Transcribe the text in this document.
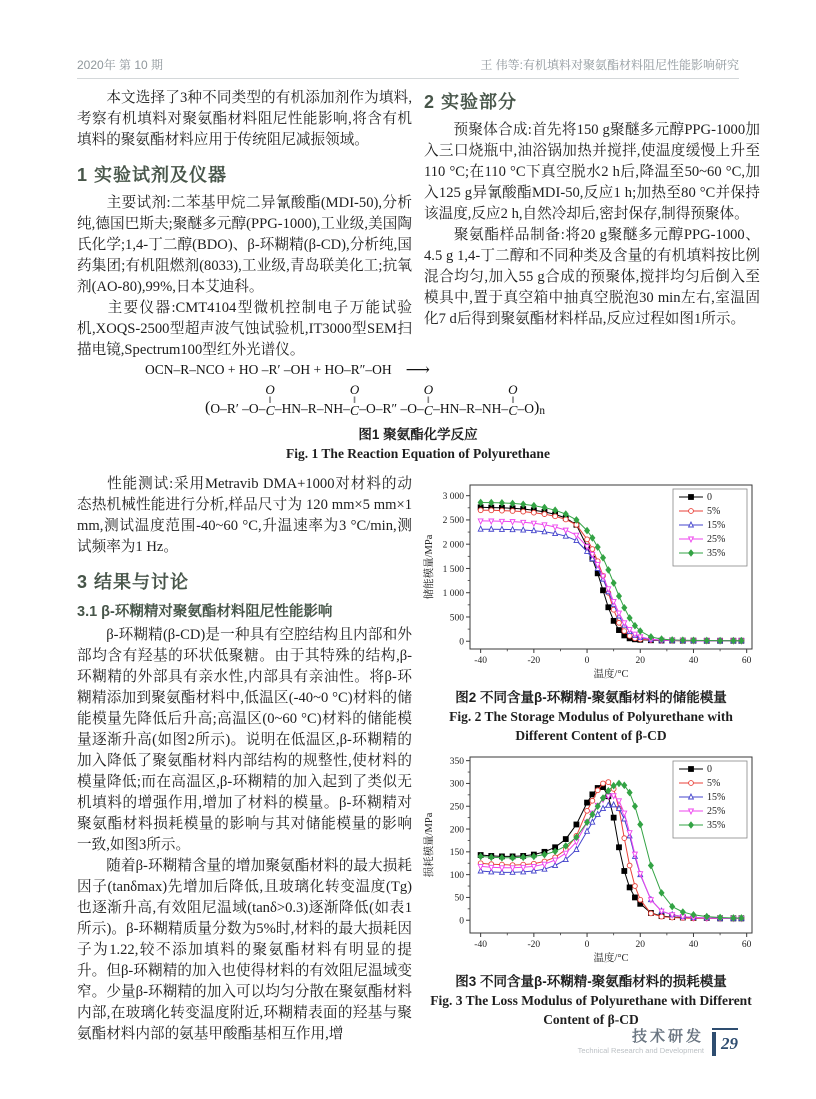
2020年 第 10 期	王 伟等:有机填料对聚氨酯材料阻尼性能影响研究

本文选择了3种不同类型的有机添加剂作为填料,考察有机填料对聚氨酯材料阻尼性能影响,将含有机填料的聚氨酯材料应用于传统阻尼减振领域。

1 实验试剂及仪器

主要试剂:二苯基甲烷二异氰酸酯(MDI-50),分析纯,德国巴斯夫;聚醚多元醇(PPG-1000),工业级,美国陶氏化学;1,4-丁二醇(BDO)、β-环糊精(β-CD),分析纯,国药集团;有机阻燃剂(8033),工业级,青岛联美化工;抗氧剂(AO-80),99%,日本艾迪科。

主要仪器:CMT4104型微机控制电子万能试验机,XOQS-2500型超声波气蚀试验机,IT3000型SEM扫描电镜,Spectrum100型红外光谱仪。

2 实验部分

预聚体合成:首先将150 g聚醚多元醇PPG-1000加入三口烧瓶中,油浴锅加热并搅拌,使温度缓慢上升至110 °C;在110 °C下真空脱水2 h后,降温至50~60 °C,加入125 g异氰酸酯MDI-50,反应1 h;加热至80 °C并保持该温度,反应2 h,自然冷却后,密封保存,制得预聚体。

聚氨酯样品制备:将20 g聚醚多元醇PPG-1000、4.5 g 1,4-丁二醇和不同种类及含量的有机填料按比例混合均匀,加入55 g合成的预聚体,搅拌均匀后倒入至模具中,置于真空箱中抽真空脱泡30 min左右,室温固化7 d后得到聚氨酯材料样品,反应过程如图1所示。

OCN–R–NCO + HO –R′ –OH + HO–R″–OH ⟶
( O–R′ –O–
O
‖
C –HN–R–NH–
O
‖
C –O–R″ –O–
O
‖
C –HN–R–NH–
O
‖
C –O )$_n$
图1 聚氨酯化学反应
Fig. 1 The Reaction Equation of Polyurethane

性能测试:采用Metravib DMA+1000对材料的动态热机械性能进行分析,样品尺寸为 120 mm×5 mm×1 mm,测试温度范围-40~60 °C,升温速率为3 °C/min,测试频率为1 Hz。

3 结果与讨论
3.1 β-环糊精对聚氨酯材料阻尼性能影响

β-环糊精(β-CD)是一种具有空腔结构且内部和外部均含有羟基的环状低聚糖。由于其特殊的结构,β-环糊精的外部具有亲水性,内部具有亲油性。将β-环糊精添加到聚氨酯材料中,低温区(-40~0 °C)材料的储能模量先降低后升高;高温区(0~60 °C)材料的储能模量逐渐升高(如图2所示)。说明在低温区,β-环糊精的加入降低了聚氨酯材料内部结构的规整性,使材料的模量降低;而在高温区,β-环糊精的加入起到了类似无机填料的增强作用,增加了材料的模量。β-环糊精对聚氨酯材料损耗模量的影响与其对储能模量的影响一致,如图3所示。

随着β-环糊精含量的增加聚氨酯材料的最大损耗因子(tanδmax)先增加后降低,且玻璃化转变温度(Tg)也逐渐升高,有效阻尼温域(tanδ>0.3)逐渐降低(如表1所示)。β-环糊精质量分数为5%时,材料的最大损耗因子为1.22,较不添加填料的聚氨酯材料有明显的提升。但β-环糊精的加入也使得材料的有效阻尼温域变窄。少量β-环糊精的加入可以均匀分散在聚氨酯材料内部,在玻璃化转变温度附近,环糊精表面的羟基与聚氨酯材料内部的氨基甲酸酯基相互作用,增

-40	-20	0	20	40	60
0
500
1 000
1 500
2 000
2 500
3 000
温度/°C
储能模量/MPa
0
5%
15%
25%
35%
图2 不同含量β-环糊精-聚氨酯材料的储能模量
Fig. 2 The Storage Modulus of Polyurethane with
Different Content of β-CD
-40	-20	0	20	40	60
0
50
100
150
200
250
300
350
温度/°C
损耗模量/MPa
0
5%
15%
25%
35%
图3 不同含量β-环糊精-聚氨酯材料的损耗模量
Fig. 3 The Loss Modulus of Polyurethane with Different
Content of β-CD
技术研发
Technical Research and Development 29
